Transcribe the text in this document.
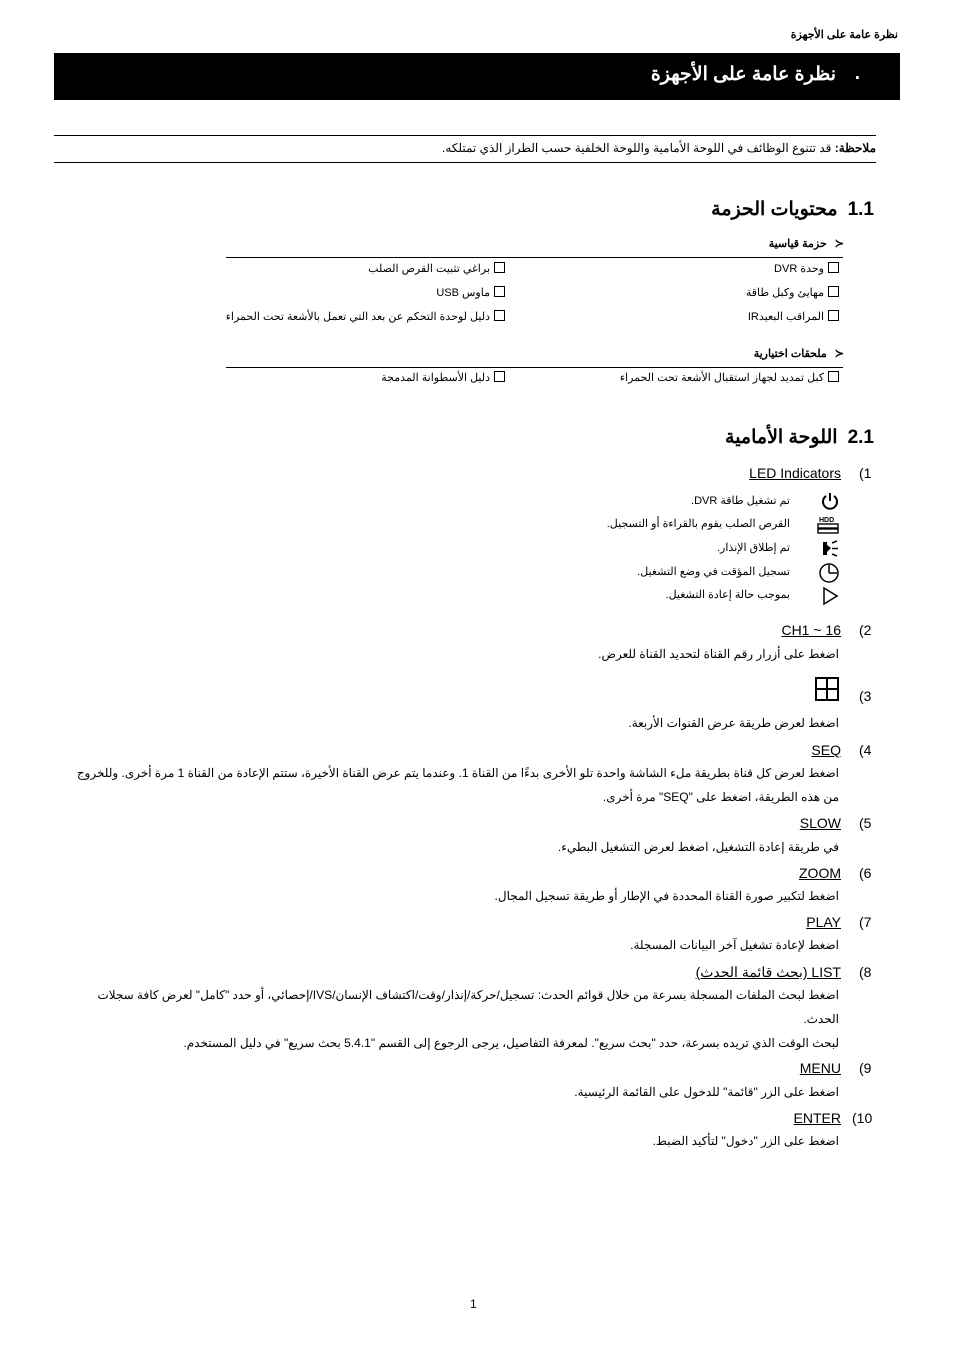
نظرة عامة على الأجهزة
نظرة عامة على الأجهزة .
ملاحظة: قد تتنوع الوظائف في اللوحة الأمامية واللوحة الخلفية حسب الطراز الذي تمتلكه.
1.1محتويات الحزمة
≺حزمة قياسية
وحدة DVR
مهايئ وكبل طاقة
المراقب البعيدIR
براغي تثبيت القرص الصلب
ماوس USB
دليل لوحدة التحكم عن بعد التي تعمل بالأشعة تحت الحمراء
≺ملحقات اختيارية
كبل تمديد لجهاز استقبال الأشعة تحت الحمراء
دليل الأسطوانة المدمجة
2.1اللوحة الأمامية
(1
LED Indicators
تم تشغيل طاقة DVR.
HDD
القرص الصلب يقوم بالقراءة أو التسجيل.
تم إطلاق الإنذار.
تسجيل المؤقت في وضع التشغيل.
بموجب حالة إعادة التشغيل.
(2
CH1 ~ 16
اضغط على أزرار رقم القناة لتحديد القناة للعرض.
(3
اضغط لعرض طريقة عرض القنوات الأربعة.
(4
SEQ
اضغط لعرض كل قناة بطريقة ملء الشاشة واحدة تلو الأخرى بدءًا من القناة 1. وعندما يتم عرض القناة الأخيرة، ستتم الإعادة من القناة 1 مرة أخرى. وللخروج
من هذه الطريقة، اضغط على "SEQ" مرة أخرى.
(5
SLOW
في طريقة إعادة التشغيل، اضغط لعرض التشغيل البطيء.
(6
ZOOM
اضغط لتكبير صورة القناة المحددة في الإطار أو طريقة تسجيل المجال.
(7
PLAY
اضغط لإعادة تشغيل آخر البيانات المسجلة.
(8
LIST (بحث قائمة الحدث)
اضغط لبحث الملفات المسجلة بسرعة من خلال قوائم الحدث: تسجيل/حركة/إنذار/وقت/اكتشاف الإنسان/IVS/إحصائي، أو حدد "كامل" لعرض كافة سجلات
الحدث.
لبحث الوقت الذي تريده بسرعة، حدد "بحث سريع". لمعرفة التفاصيل، يرجى الرجوع إلى القسم "5.4.1 بحث سريع" في دليل المستخدم.
(9
MENU
اضغط على الزر "قائمة" للدخول على القائمة الرئيسية.
(10
ENTER
اضغط على الزر "دخول" لتأكيد الضبط.
1
